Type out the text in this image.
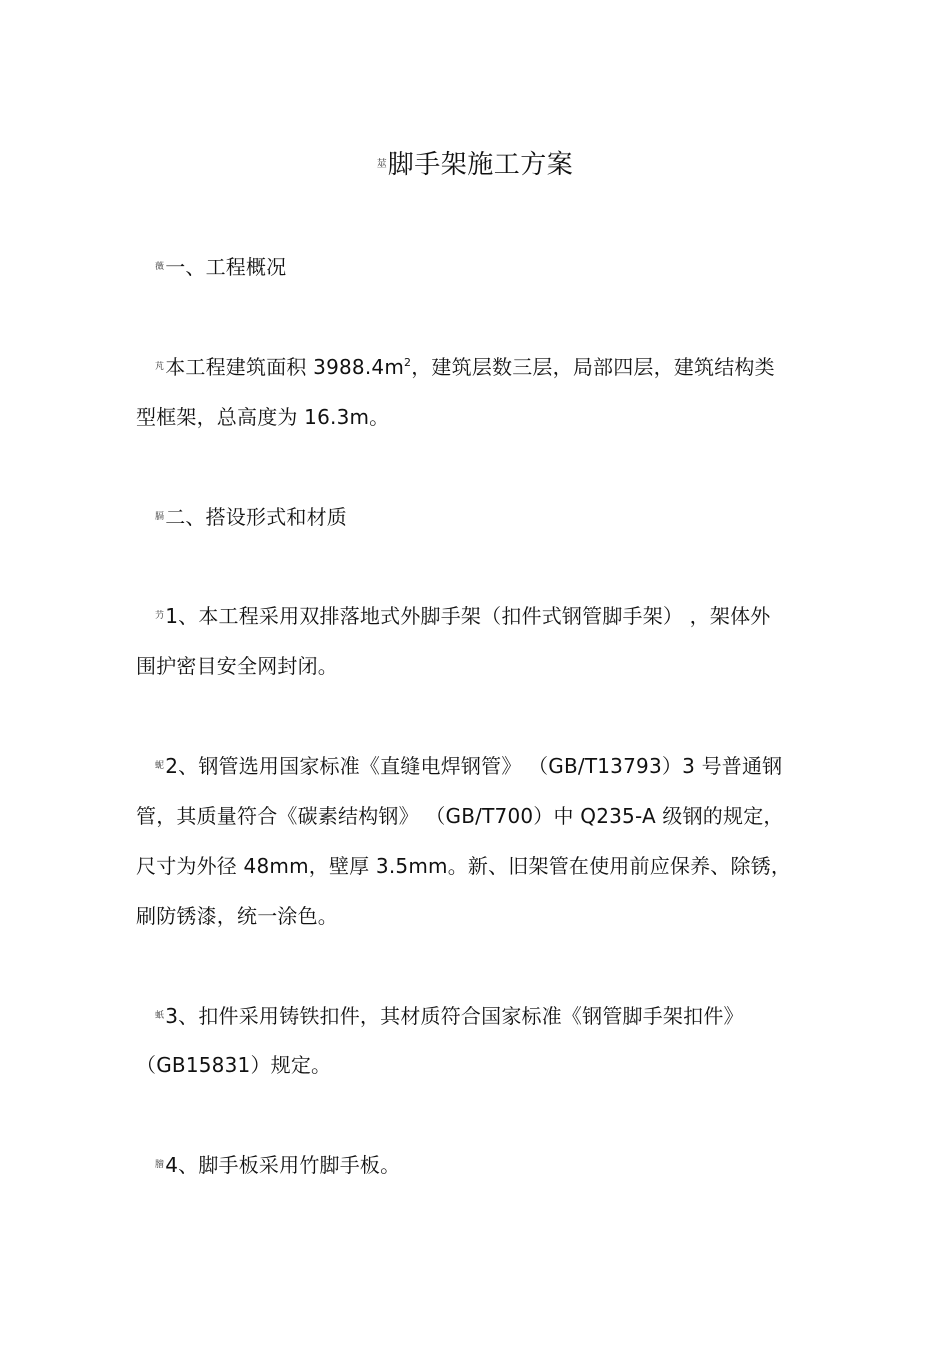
莁脚手架施工方案
薇一、工程概况
芃本工程建筑面积 $3988.4m^2$，建筑层数三层，局部四层，建筑结构类
型框架，总高度为 16.3m。
膈二、搭设形式和材质
芀1、本工程采用双排落地式外脚手架（扣件式钢管脚手架） ，架体外
围护密目安全网封闭。
蚭2、钢管选用国家标准《直缝电焊钢管》 （GB/T13793）3 号普通钢
管，其质量符合《碳素结构钢》 （GB/T700）中 Q235-A 级钢的规定，
尺寸为外径 48mm，壁厚 3.5mm。新、旧架管在使用前应保养、除锈，
刷防锈漆，统一涂色。
蚔3、扣件采用铸铁扣件，其材质符合国家标准《钢管脚手架扣件》
（GB15831）规定。
膪4、脚手板采用竹脚手板。
